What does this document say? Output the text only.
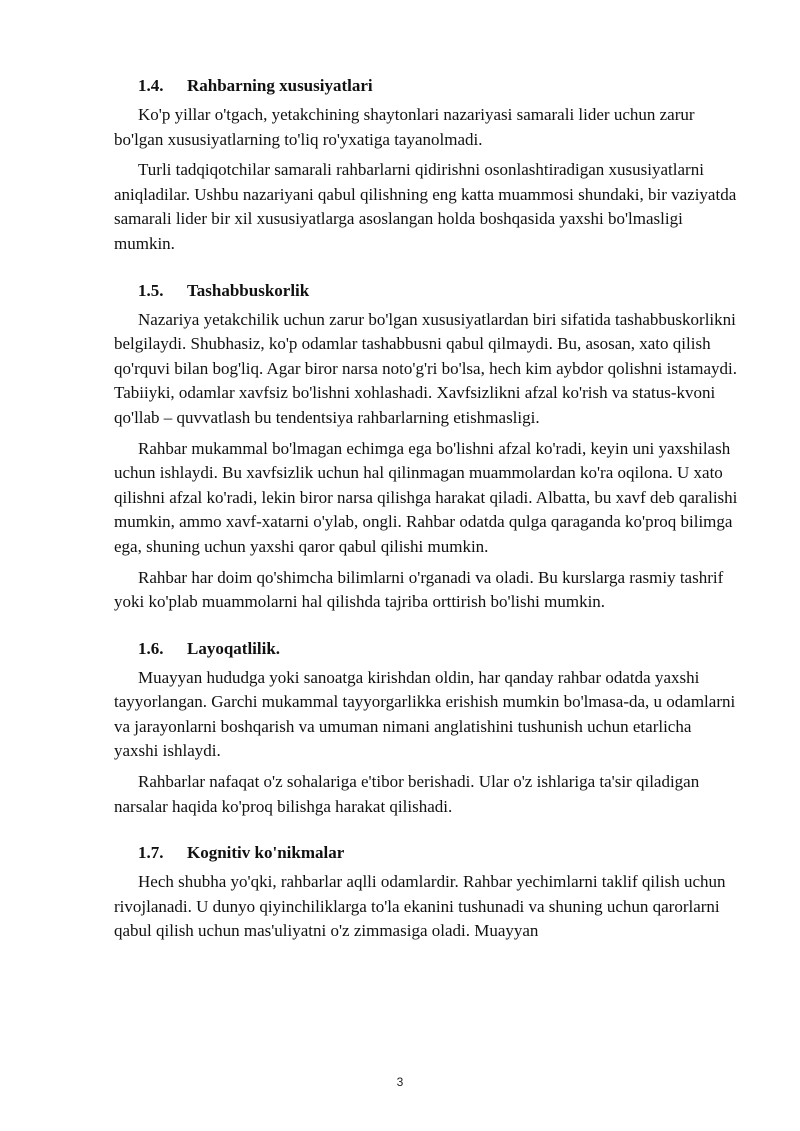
1.4.	Rahbarning xususiyatlari

Ko'p yillar o'tgach, yetakchining shaytonlari nazariyasi samarali lider uchun zarur bo'lgan xususiyatlarning to'liq ro'yxatiga tayanolmadi.

Turli tadqiqotchilar samarali rahbarlarni qidirishni osonlashtiradigan xususiyatlarni aniqladilar. Ushbu nazariyani qabul qilishning eng katta muammosi shundaki, bir vaziyatda samarali lider bir xil xususiyatlarga asoslangan holda boshqasida yaxshi bo'lmasligi mumkin.

1.5.	Tashabbuskorlik

Nazariya yetakchilik uchun zarur bo'lgan xususiyatlardan biri sifatida tashabbuskorlikni belgilaydi. Shubhasiz, ko'p odamlar tashabbusni qabul qilmaydi. Bu, asosan, xato qilish qo'rquvi bilan bog'liq. Agar biror narsa noto'g'ri bo'lsa, hech kim aybdor qolishni istamaydi. Tabiiyki, odamlar xavfsiz bo'lishni xohlashadi. Xavfsizlikni afzal ko'rish va status-kvoni qo'llab – quvvatlash bu tendentsiya rahbarlarning etishmasligi.

Rahbar mukammal bo'lmagan echimga ega bo'lishni afzal ko'radi, keyin uni yaxshilash uchun ishlaydi. Bu xavfsizlik uchun hal qilinmagan muammolardan ko'ra oqilona. U xato qilishni afzal ko'radi, lekin biror narsa qilishga harakat qiladi. Albatta, bu xavf deb qaralishi mumkin, ammo xavf-xatarni o'ylab, ongli. Rahbar odatda qulga qaraganda ko'proq bilimga ega, shuning uchun yaxshi qaror qabul qilishi mumkin.

Rahbar har doim qo'shimcha bilimlarni o'rganadi va oladi. Bu kurslarga rasmiy tashrif yoki ko'plab muammolarni hal qilishda tajriba orttirish bo'lishi mumkin.

1.6.	Layoqatlilik.

Muayyan hududga yoki sanoatga kirishdan oldin, har qanday rahbar odatda yaxshi tayyorlangan. Garchi mukammal tayyorgarlikka erishish mumkin bo'lmasa-da, u odamlarni va jarayonlarni boshqarish va umuman nimani anglatishini tushunish uchun etarlicha yaxshi ishlaydi.

Rahbarlar nafaqat o'z sohalariga e'tibor berishadi. Ular o'z ishlariga ta'sir qiladigan narsalar haqida ko'proq bilishga harakat qilishadi.

1.7.	Kognitiv ko'nikmalar

Hech shubha yo'qki, rahbarlar aqlli odamlardir. Rahbar yechimlarni taklif qilish uchun rivojlanadi. U dunyo qiyinchiliklarga to'la ekanini tushunadi va shuning uchun qarorlarni qabul qilish uchun mas'uliyatni o'z zimmasiga oladi. Muayyan

3
